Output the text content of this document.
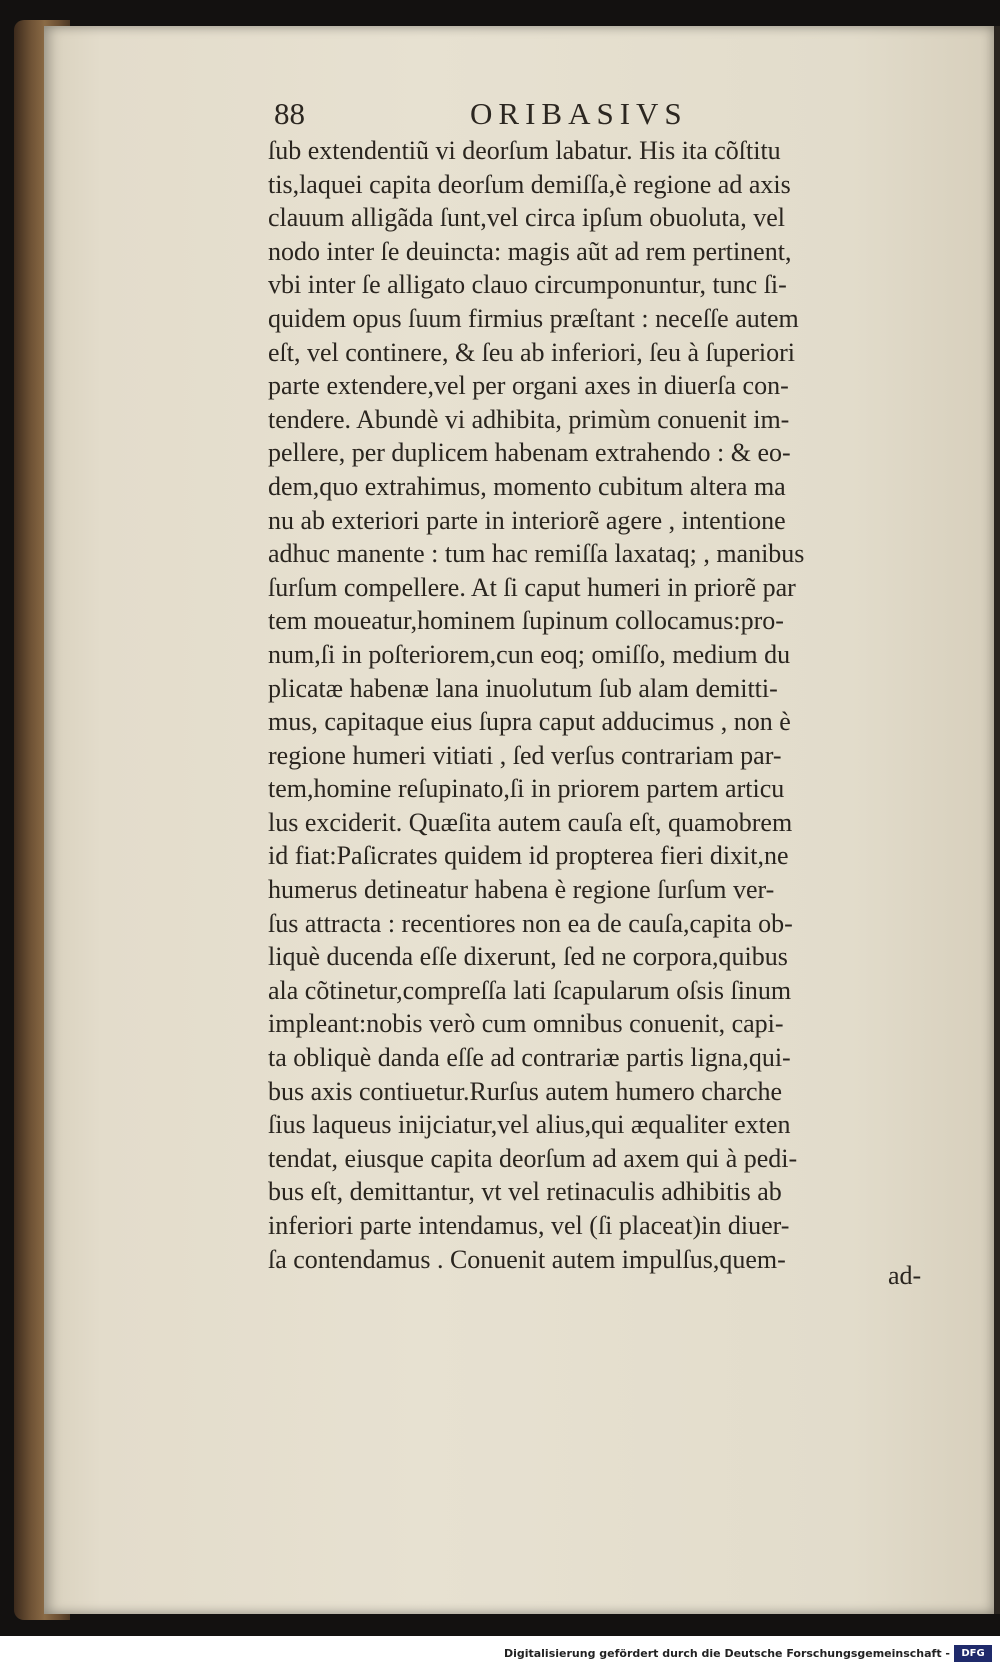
88	ORIBASIVS
ſub extendentiũ vi deorſum labatur. His ita cõſtitu
tis,laquei capita deorſum demiſſa,è regione ad axis
clauum alligãda ſunt,vel circa ipſum obuoluta, vel
nodo inter ſe deuincta: magis aũt ad rem pertinent,
vbi inter ſe alligato clauo circumponuntur, tunc ſi-
quidem opus ſuum firmius præſtant : neceſſe autem
eſt, vel continere, & ſeu ab inferiori, ſeu à ſuperiori
parte extendere,vel per organi axes in diuerſa con-
tendere. Abundè vi adhibita, primùm conuenit im-
pellere, per duplicem habenam extrahendo : & eo-
dem,quo extrahimus, momento cubitum altera ma
nu ab exteriori parte in interiorẽ agere , intentione
adhuc manente : tum hac remiſſa laxataq; , manibus
ſurſum compellere. At ſi caput humeri in priorẽ par
tem moueatur,hominem ſupinum collocamus:pro-
num,ſi in poſteriorem,cun eoq; omiſſo, medium du
plicatæ habenæ lana inuolutum ſub alam demitti-
mus, capitaque eius ſupra caput adducimus , non è
regione humeri vitiati , ſed verſus contrariam par-
tem,homine reſupinato,ſi in priorem partem articu
lus exciderit. Quæſita autem cauſa eſt, quamobrem
id fiat:Paſicrates quidem id propterea fieri dixit,ne
humerus detineatur habena è regione ſurſum ver-
ſus attracta : recentiores non ea de cauſa,capita ob-
liquè ducenda eſſe dixerunt, ſed ne corpora,quibus
ala cõtinetur,compreſſa lati ſcapularum oſsis ſinum
impleant:nobis verò cum omnibus conuenit, capi-
ta obliquè danda eſſe ad contrariæ partis ligna,qui-
bus axis contiuetur.Rurſus autem humero charche
ſius laqueus inijciatur,vel alius,qui æqualiter exten
tendat, eiusque capita deorſum ad axem qui à pedi-
bus eſt, demittantur, vt vel retinaculis adhibitis ab
inferiori parte intendamus, vel (ſi placeat)in diuer-
ſa contendamus . Conuenit autem impulſus,quem-
ad-
Digitalisierung gefördert durch die Deutsche Forschungsgemeinschaft -	DFG
